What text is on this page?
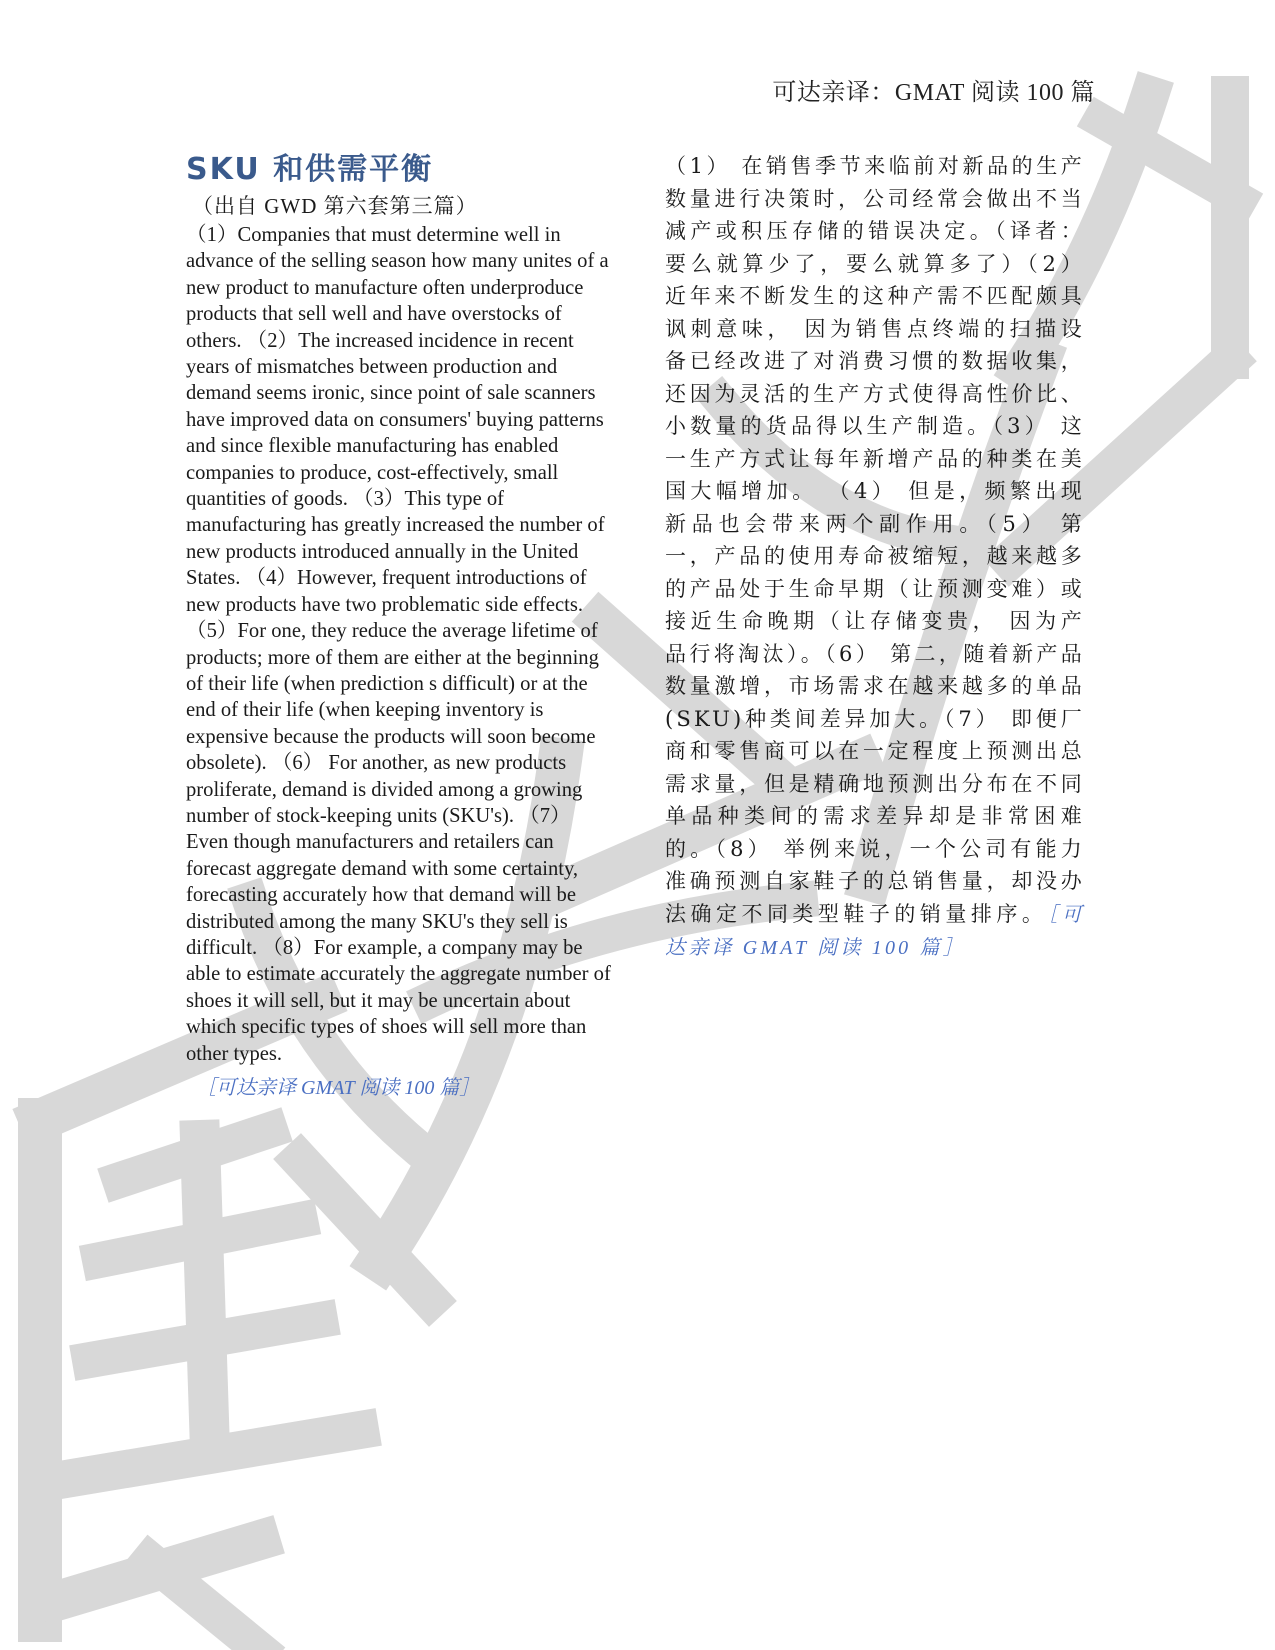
可达亲译：GMAT 阅读 100 篇
SKU 和供需平衡
（出自 GWD 第六套第三篇）

（1）Companies that must determine well in advance of the selling season how many unites of a new product to manufacture often underproduce products that sell well and have overstocks of others. （2）The increased incidence in recent years of mismatches between production and demand seems ironic, since point of sale scanners have improved data on consumers' buying patterns and since flexible manufacturing has enabled companies to produce, cost-effectively, small quantities of goods. （3）This type of manufacturing has greatly increased the number of new products introduced annually in the United States. （4）However, frequent introductions of new products have two problematic side effects. （5）For one, they reduce the average lifetime of products; more of them are either at the beginning of their life (when prediction s difficult) or at the end of their life (when keeping inventory is expensive because the products will soon become obsolete). （6） For another, as new products proliferate, demand is divided among a growing number of stock-keeping units (SKU's). （7） Even though manufacturers and retailers can forecast aggregate demand with some certainty, forecasting accurately how that demand will be distributed among the many SKU's they sell is difficult. （8）For example, a company may be able to estimate accurately the aggregate number of shoes it will sell, but it may be uncertain about which specific types of shoes will sell more than other types.

［可达亲译 GMAT 阅读 100 篇］

（1） 在销售季节来临前对新品的生产数量进行决策时，公司经常会做出不当减产或积压存储的错误决定。（译者：要么就算少了，要么就算多了）（2） 近年来不断发生的这种产需不匹配颇具讽刺意味， 因为销售点终端的扫描设备已经改进了对消费习惯的数据收集，还因为灵活的生产方式使得高性价比、小数量的货品得以生产制造。（3） 这一生产方式让每年新增产品的种类在美国大幅增加。 （4） 但是，频繁出现新品也会带来两个副作用。（5） 第一，产品的使用寿命被缩短，越来越多的产品处于生命早期（让预测变难）或接近生命晚期（让存储变贵， 因为产品行将淘汰）。（6） 第二，随着新产品数量激增，市场需求在越来越多的单品(SKU)种类间差异加大。（7） 即便厂商和零售商可以在一定程度上预测出总需求量，但是精确地预测出分布在不同单品种类间的需求差异却是非常困难的。（8） 举例来说，一个公司有能力准确预测自家鞋子的总销售量，却没办法确定不同类型鞋子的销量排序。［可达亲译 GMAT 阅读 100 篇］
